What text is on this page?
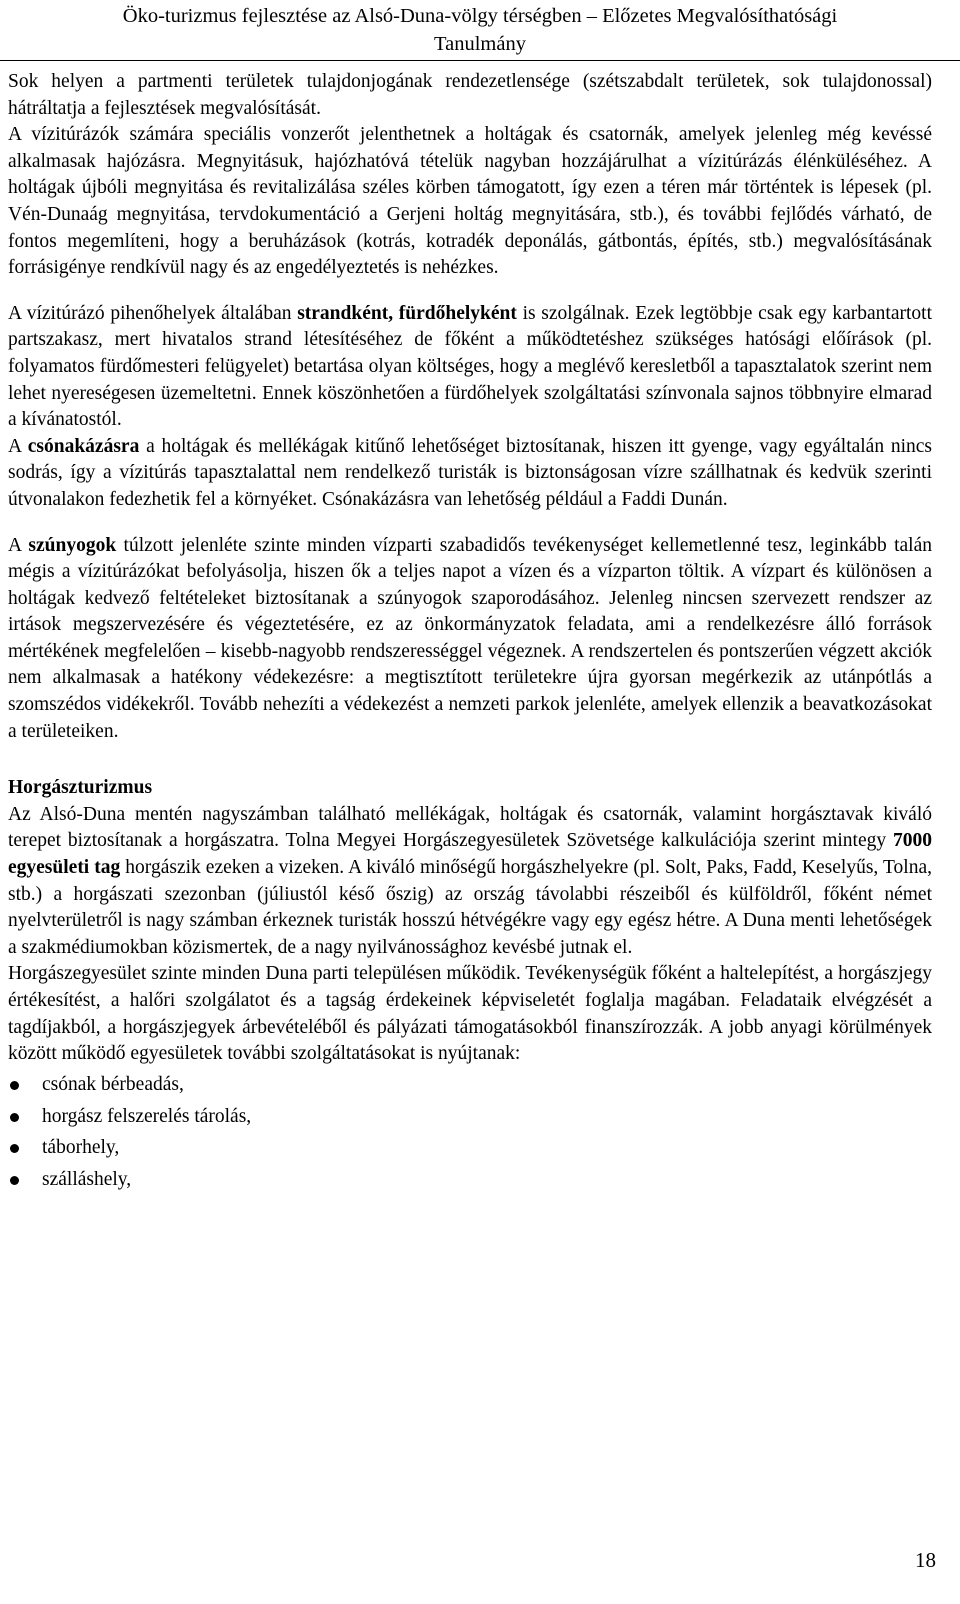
Öko-turizmus fejlesztése az Alsó-Duna-völgy térségben – Előzetes Megvalósíthatósági
Tanulmány

Sok helyen a partmenti területek tulajdonjogának rendezetlensége (szétszabdalt területek, sok tulajdonossal) hátráltatja a fejlesztések megvalósítását.

A vízitúrázók számára speciális vonzerőt jelenthetnek a holtágak és csatornák, amelyek jelenleg még kevéssé alkalmasak hajózásra. Megnyitásuk, hajózhatóvá tételük nagyban hozzájárulhat a vízitúrázás élénküléséhez. A holtágak újbóli megnyitása és revitalizálása széles körben támogatott, így ezen a téren már történtek is lépesek (pl. Vén-Dunaág megnyitása, tervdokumentáció a Gerjeni holtág megnyitására, stb.), és további fejlődés várható, de fontos megemlíteni, hogy a beruházások (kotrás, kotradék deponálás, gátbontás, építés, stb.) megvalósításának forrásigénye rendkívül nagy és az engedélyeztetés is nehézkes.

A vízitúrázó pihenőhelyek általában strandként, fürdőhelyként is szolgálnak. Ezek legtöbbje csak egy karbantartott partszakasz, mert hivatalos strand létesítéséhez de főként a működtetéshez szükséges hatósági előírások (pl. folyamatos fürdőmesteri felügyelet) betartása olyan költséges, hogy a meglévő keresletből a tapasztalatok szerint nem lehet nyereségesen üzemeltetni. Ennek köszönhetően a fürdőhelyek szolgáltatási színvonala sajnos többnyire elmarad a kívánatostól.

A csónakázásra a holtágak és mellékágak kitűnő lehetőséget biztosítanak, hiszen itt gyenge, vagy egyáltalán nincs sodrás, így a vízitúrás tapasztalattal nem rendelkező turisták is biztonságosan vízre szállhatnak és kedvük szerinti útvonalakon fedezhetik fel a környéket. Csónakázásra van lehetőség például a Faddi Dunán.

A szúnyogok túlzott jelenléte szinte minden vízparti szabadidős tevékenységet kellemetlenné tesz, leginkább talán mégis a vízitúrázókat befolyásolja, hiszen ők a teljes napot a vízen és a vízparton töltik. A vízpart és különösen a holtágak kedvező feltételeket biztosítanak a szúnyogok szaporodásához. Jelenleg nincsen szervezett rendszer az irtások megszervezésére és végeztetésére, ez az önkormányzatok feladata, ami a rendelkezésre álló források mértékének megfelelően – kisebb-nagyobb rendszerességgel végeznek. A rendszertelen és pontszerűen végzett akciók nem alkalmasak a hatékony védekezésre: a megtisztított területekre újra gyorsan megérkezik az utánpótlás a szomszédos vidékekről. Tovább nehezíti a védekezést a nemzeti parkok jelenléte, amelyek ellenzik a beavatkozásokat a területeiken.

Horgászturizmus

Az Alsó-Duna mentén nagyszámban található mellékágak, holtágak és csatornák, valamint horgásztavak kiváló terepet biztosítanak a horgászatra. Tolna Megyei Horgászegyesületek Szövetsége kalkulációja szerint mintegy 7000 egyesületi tag horgászik ezeken a vizeken. A kiváló minőségű horgászhelyekre (pl. Solt, Paks, Fadd, Keselyűs, Tolna, stb.) a horgászati szezonban (júliustól késő őszig) az ország távolabbi részeiből és külföldről, főként német nyelvterületről is nagy számban érkeznek turisták hosszú hétvégékre vagy egy egész hétre. A Duna menti lehetőségek a szakmédiumokban közismertek, de a nagy nyilvánossághoz kevésbé jutnak el.

Horgászegyesület szinte minden Duna parti településen működik. Tevékenységük főként a haltelepítést, a horgászjegy értékesítést, a halőri szolgálatot és a tagság érdekeinek képviseletét foglalja magában. Feladataik elvégzését a tagdíjakból, a horgászjegyek árbevételéből és pályázati támogatásokból finanszírozzák. A jobb anyagi körülmények között működő egyesületek további szolgáltatásokat is nyújtanak:

csónak bérbeadás,
horgász felszerelés tárolás,
táborhely,
szálláshely,
18
